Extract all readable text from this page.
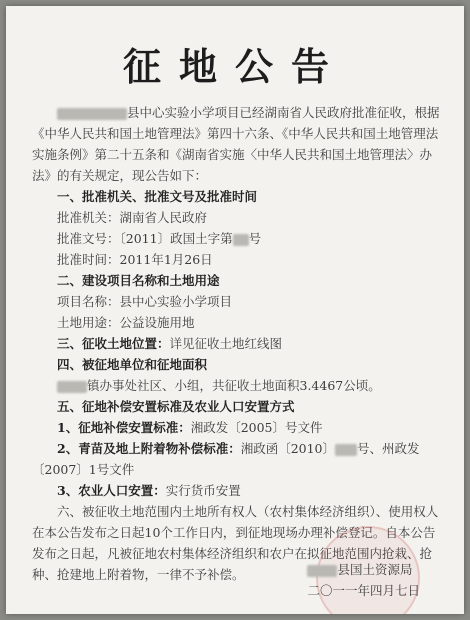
征地公告

县中心实验小学项目已经湖南省人民政府批准征收，根据《中华人民共和国土地管理法》第四十六条、《中华人民共和国土地管理法实施条例》第二十五条和《湖南省实施〈中华人民共和国土地管理法〉办法》的有关规定，现公告如下：

一、批准机关、批准文号及批准时间

批准机关：湖南省人民政府

批准文号：〔2011〕政国土字第 号

批准时间：2011年1月26日

二、建设项目名称和土地用途

项目名称：县中心实验小学项目

土地用途：公益设施用地

三、征收土地位置：详见征收土地红线图

四、被征地单位和征地面积

镇办事处社区、小组，共征收土地面积3.4467公顷。

五、征地补偿安置标准及农业人口安置方式

1、征地补偿安置标准：湘政发〔2005〕号文件

2、青苗及地上附着物补偿标准：湘政函〔2010〕 号、州政发〔2007〕1号文件

3、农业人口安置：实行货币安置

六、被征收土地范围内土地所有权人（农村集体经济组织）、使用权人在本公告发布之日起10个工作日内，到征地现场办理补偿登记。自本公告发布之日起，凡被征地农村集体经济组织和农户在拟征地范围内抢栽、抢种、抢建地上附着物，一律不予补偿。	县国土资源局
二〇一一年四月七日
